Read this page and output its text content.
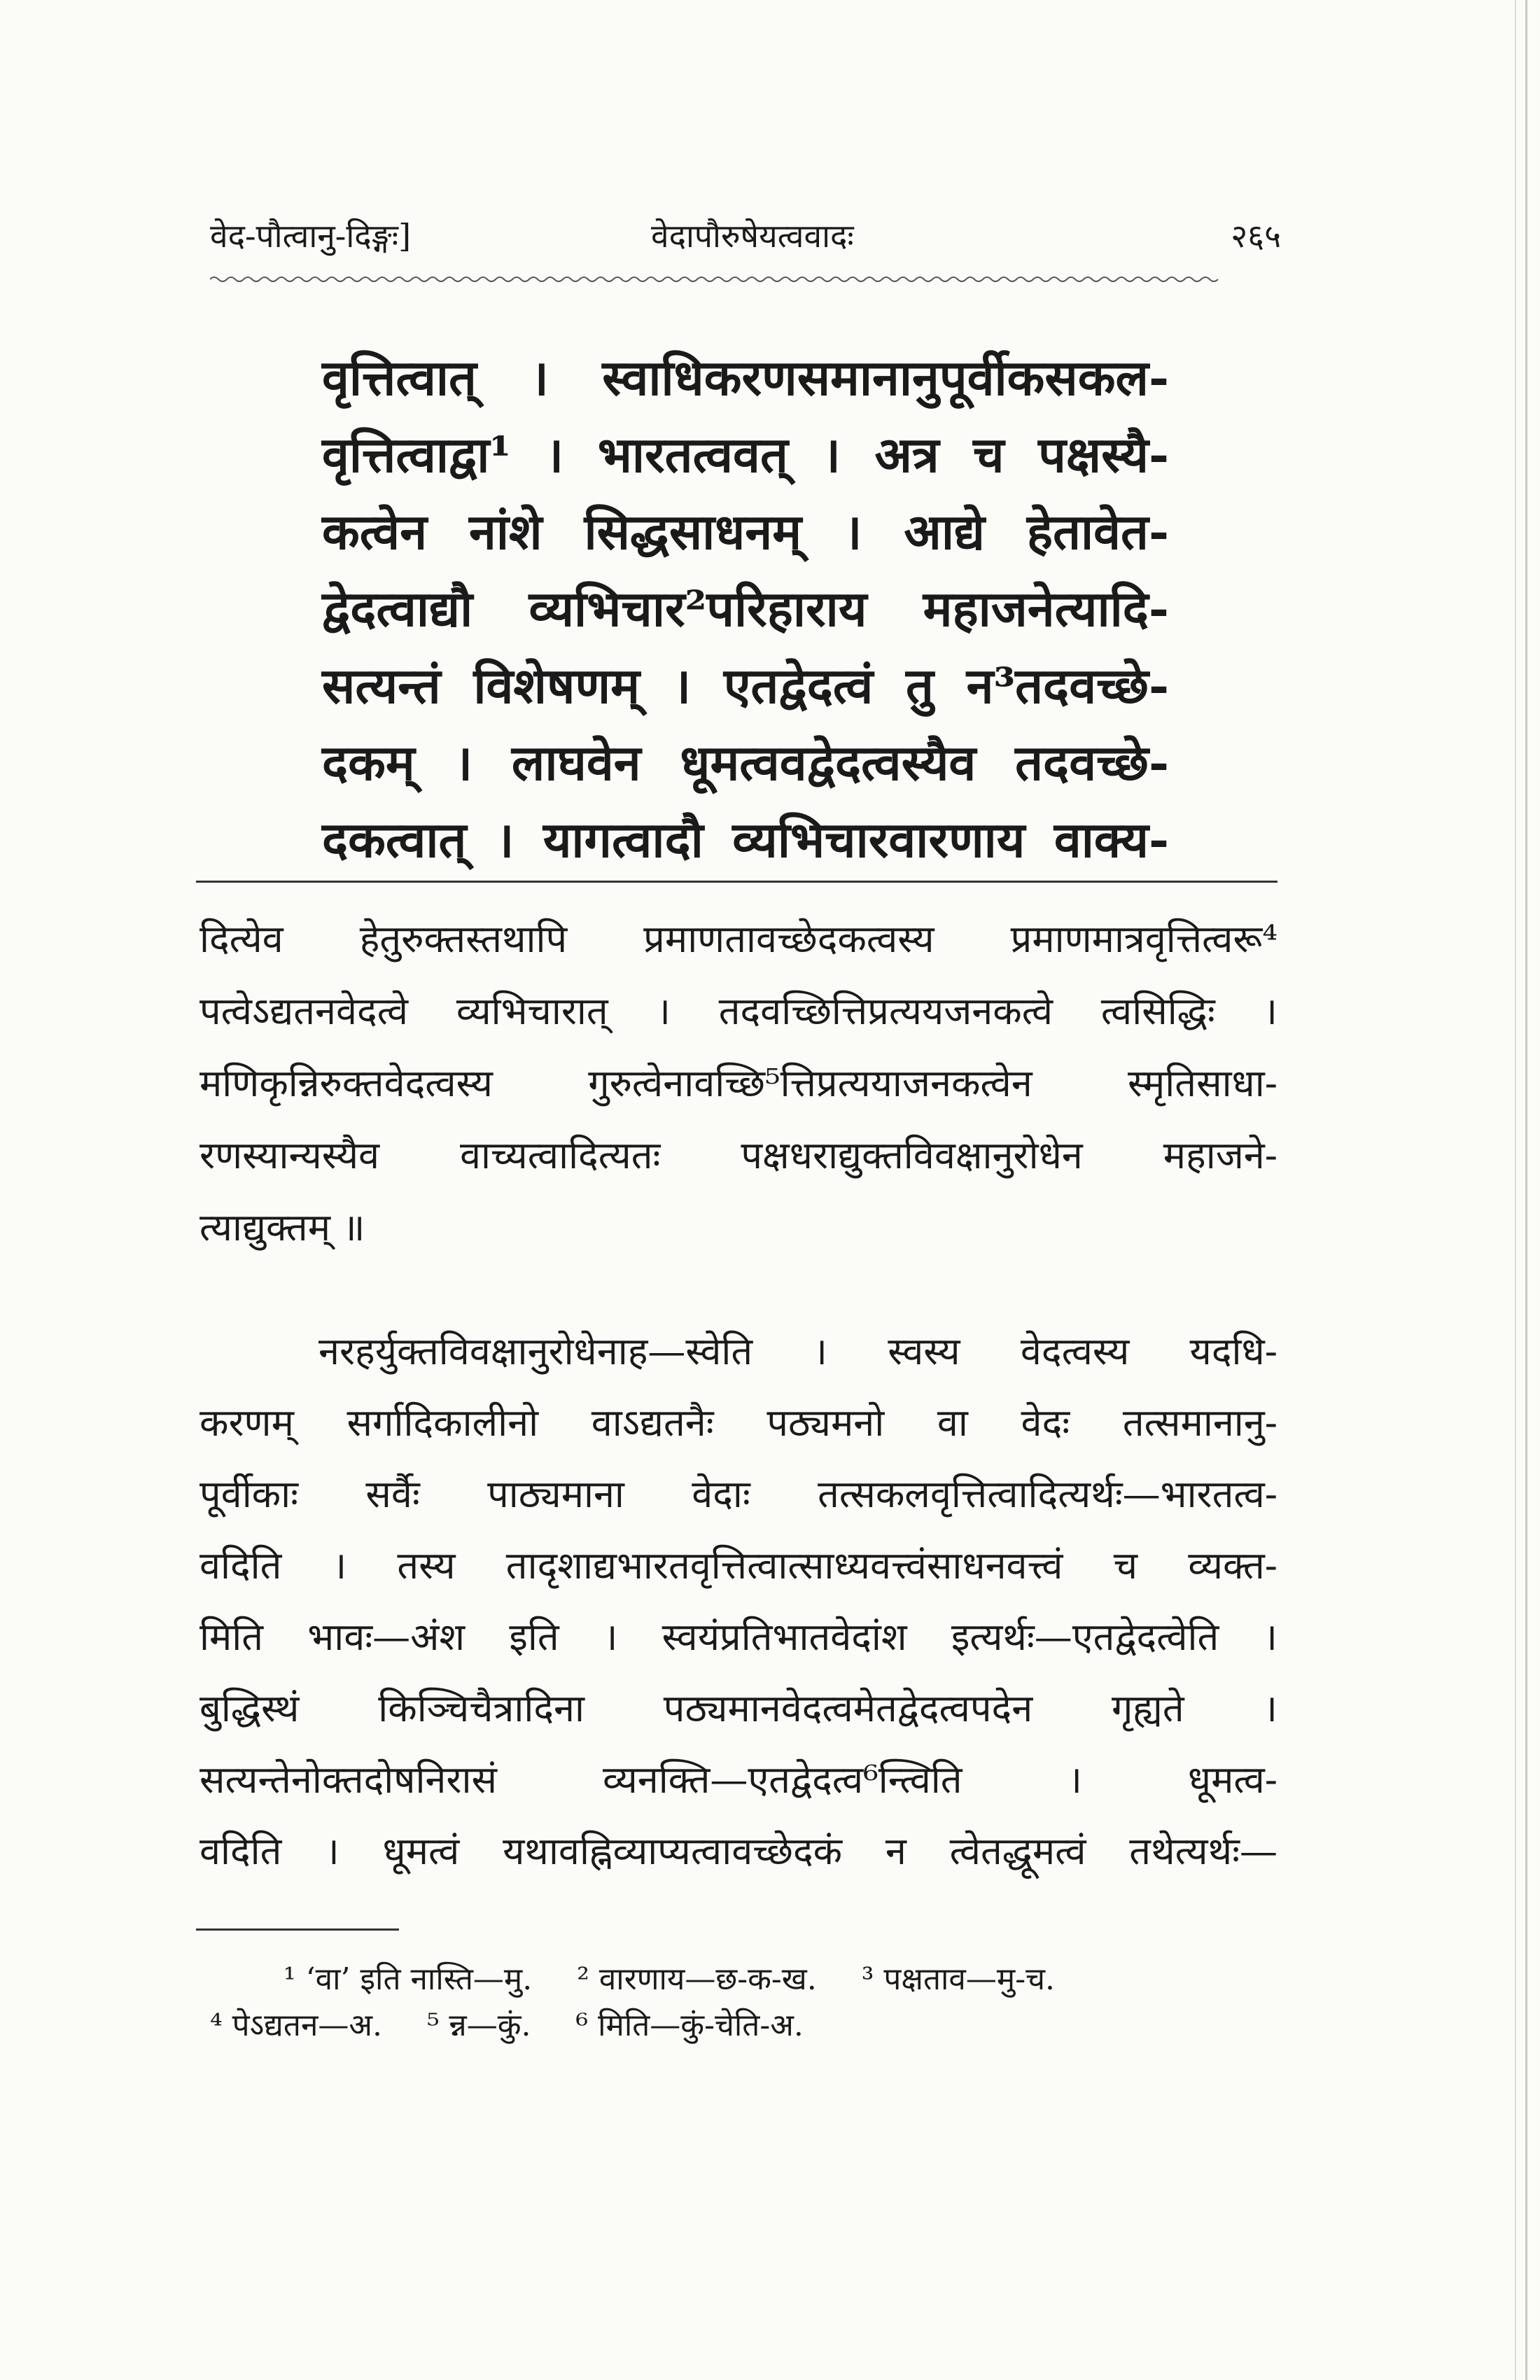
वेद-पौत्वानु-दिङ्गः]	वेदापौरुषेयत्ववादः	२६५
वृत्तित्वात् । स्वाधिकरणसमानानुपूर्वीकसकल-
वृत्तित्वाद्वा¹ । भारतत्ववत् । अत्र च पक्षस्यै-
कत्वेन नांशे सिद्धसाधनम् । आद्ये हेतावेत-
द्वेदत्वाद्यौ व्यभिचार²परिहाराय महाजनेत्यादि-
सत्यन्तं विशेषणम् । एतद्वेदत्वं तु न³तदवच्छे-
दकम् । लाघवेन धूमत्ववद्वेदत्वस्यैव तदवच्छे-
दकत्वात् । यागत्वादौ व्यभिचारवारणाय वाक्य-
दित्येव हेतुरुक्तस्तथापि प्रमाणतावच्छेदकत्वस्य प्रमाणमात्रवृत्तित्वरू⁴
पत्वेऽद्यतनवेदत्वे व्यभिचारात् । तदवच्छित्तिप्रत्ययजनकत्वे त्वसिद्धिः ।
मणिकृन्निरुक्तवेदत्वस्य गुरुत्वेनावच्छि⁵त्तिप्रत्ययाजनकत्वेन स्मृतिसाधा-
रणस्यान्यस्यैव वाच्यत्वादित्यतः पक्षधराद्युक्तविवक्षानुरोधेन महाजने-
त्याद्युक्तम् ॥
नरहर्युक्तविवक्षानुरोधेनाह—स्वेति । स्वस्य वेदत्वस्य यदधि-
करणम् सर्गादिकालीनो वाऽद्यतनैः पठ्यमनो वा वेदः तत्समानानु-
पूर्वीकाः सर्वैः पाठ्यमाना वेदाः तत्सकलवृत्तित्वादित्यर्थः—भारतत्व-
वदिति । तस्य तादृशाद्यभारतवृत्तित्वात्साध्यवत्त्वंसाधनवत्त्वं च व्यक्त-
मिति भावः—अंश इति । स्वयंप्रतिभातवेदांश इत्यर्थः—एतद्वेदत्वेति ।
बुद्धिस्थं किञ्चिचैत्रादिना पठ्यमानवेदत्वमेतद्वेदत्वपदेन गृह्यते ।
सत्यन्तेनोक्तदोषनिरासं व्यनक्ति—एतद्वेदत्व⁶न्त्विति । धूमत्व-
वदिति । धूमत्वं यथावह्निव्याप्यत्वावच्छेदकं न त्वेतद्धूमत्वं तथेत्यर्थः—
¹ ‘वा’ इति नास्ति—मु. ² वारणाय—छ-क-ख. ³ पक्षताव—मु-च.
⁴ पेऽद्यतन—अ. ⁵ न्न—कुं. ⁶ मिति—कुं-चेति-अ.
